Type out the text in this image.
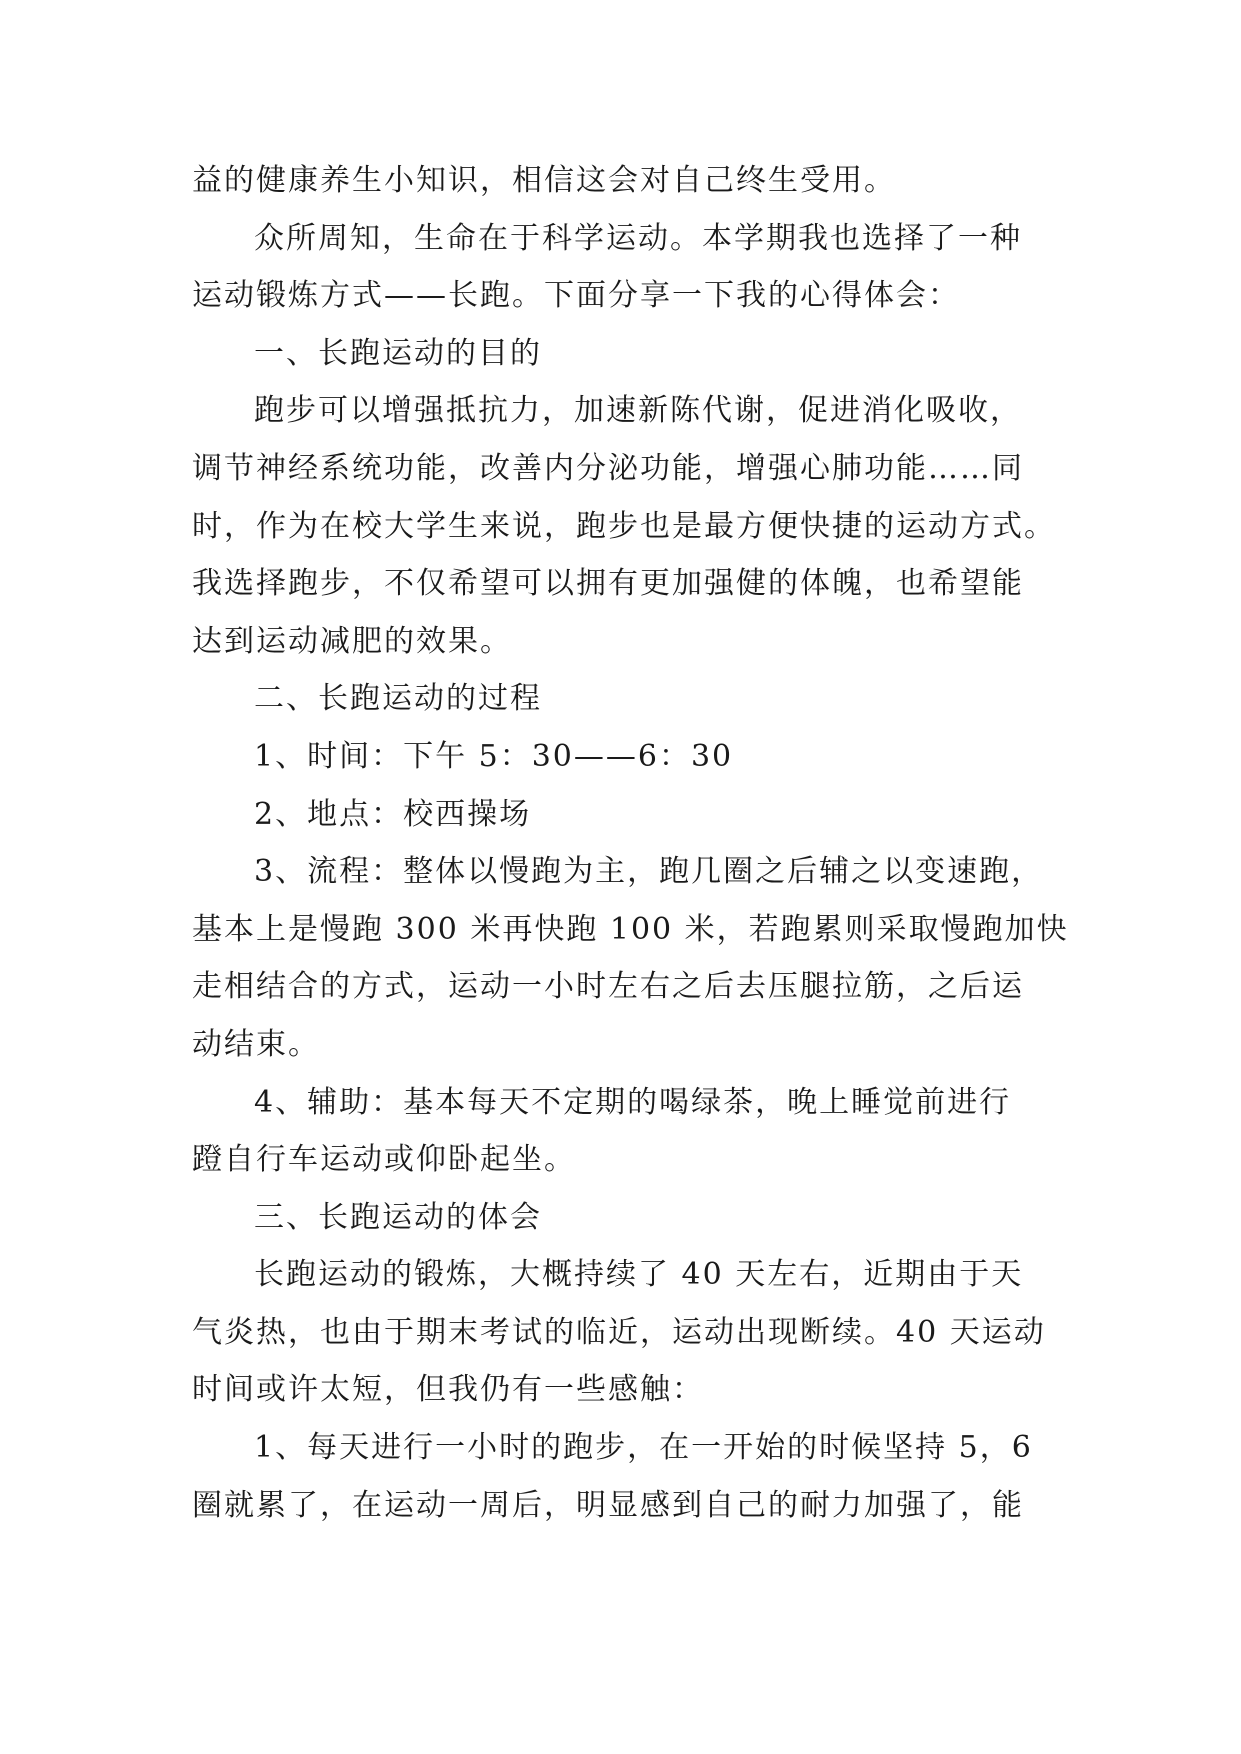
益的健康养生小知识，相信这会对自己终生受用。
众所周知，生命在于科学运动。本学期我也选择了一种
运动锻炼方式——长跑。下面分享一下我的心得体会：
一、长跑运动的目的
跑步可以增强抵抗力，加速新陈代谢，促进消化吸收，
调节神经系统功能，改善内分泌功能，增强心肺功能……同
时，作为在校大学生来说，跑步也是最方便快捷的运动方式。
我选择跑步，不仅希望可以拥有更加强健的体魄，也希望能
达到运动减肥的效果。
二、长跑运动的过程
1、时间：下午 5：30——6：30
2、地点：校西操场
3、流程：整体以慢跑为主，跑几圈之后辅之以变速跑，
基本上是慢跑 300 米再快跑 100 米，若跑累则采取慢跑加快
走相结合的方式，运动一小时左右之后去压腿拉筋，之后运
动结束。
4、辅助：基本每天不定期的喝绿茶，晚上睡觉前进行
蹬自行车运动或仰卧起坐。
三、长跑运动的体会
长跑运动的锻炼，大概持续了 40 天左右，近期由于天
气炎热，也由于期末考试的临近，运动出现断续。40 天运动
时间或许太短，但我仍有一些感触：
1、每天进行一小时的跑步，在一开始的时候坚持 5，6
圈就累了，在运动一周后，明显感到自己的耐力加强了，能
